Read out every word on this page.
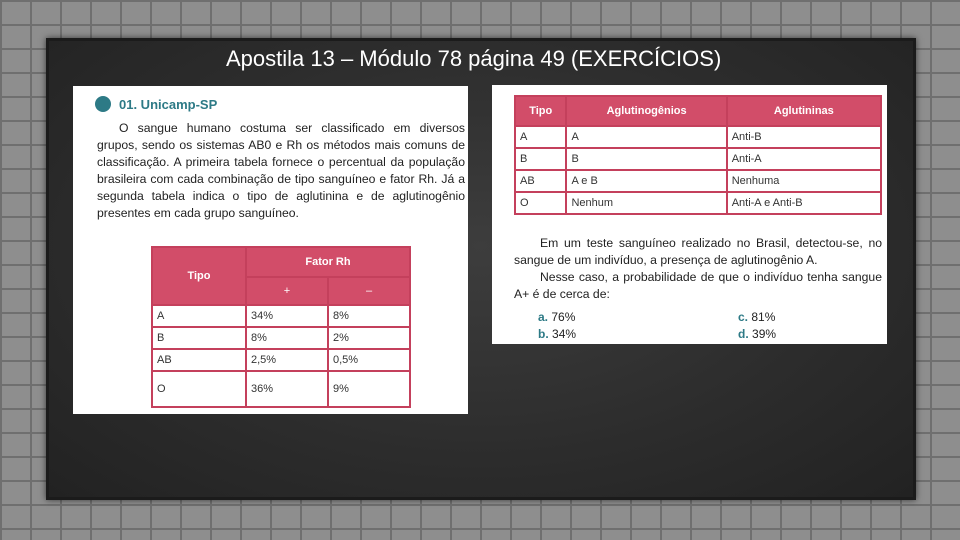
Apostila 13 – Módulo 78 página 49 (EXERCÍCIOS)
01. Unicamp-SP

O sangue humano costuma ser classificado em diversos grupos, sendo os sistemas AB0 e Rh os métodos mais comuns de classificação. A primeira tabela fornece o percentual da população brasileira com cada combinação de tipo sanguíneo e fator Rh. Já a segunda tabela indica o tipo de aglutinina e de aglutinogênio presentes em cada grupo sanguíneo.

Tipo	Fator Rh	
	+	–
A	34%	8%
B	8%	2%
AB	2,5%	0,5%
O	36%	9%
Tipo	Aglutinogênios	Aglutininas
A	A	Anti-B
B	B	Anti-A
AB	A e B	Nenhuma
O	Nenhum	Anti-A e Anti-B

Em um teste sanguíneo realizado no Brasil, detectou-se, no sangue de um indivíduo, a presença de aglutinogênio A.

Nesse caso, a probabilidade de que o indivíduo tenha sangue A+ é de cerca de:

a. 76%	c. 81%
b. 34%	d. 39%
